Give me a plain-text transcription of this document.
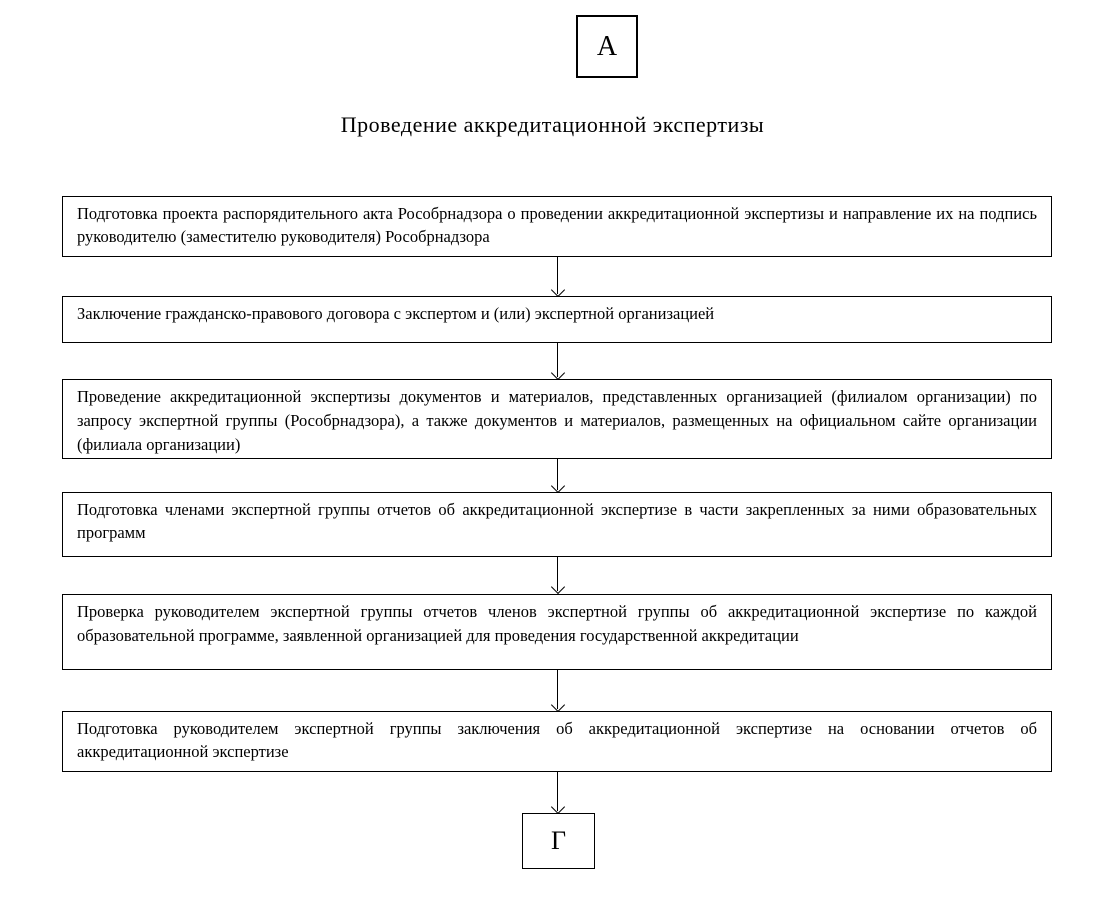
А
Проведение аккредитационной экспертизы
Подготовка проекта распорядительного акта Рособрнадзора о проведении аккредитационной экспертизы и направление их на подпись руководителю (заместителю руководителя) Рособрнадзора
Заключение гражданско-правового договора с экспертом и (или) экспертной организацией
Проведение аккредитационной экспертизы документов и материалов, представленных организацией (филиалом организации) по запросу экспертной группы (Рособрнадзора), а также документов и материалов, размещенных на официальном сайте организации (филиала организации)
Подготовка членами экспертной группы отчетов об аккредитационной экспертизе в части закрепленных за ними образовательных программ
Проверка руководителем экспертной группы отчетов членов экспертной группы об аккредитационной экспертизе по каждой образовательной программе, заявленной организацией для проведения государственной аккредитации
Подготовка руководителем экспертной группы заключения об аккредитационной экспертизе на основании отчетов об аккредитационной экспертизе
Г
